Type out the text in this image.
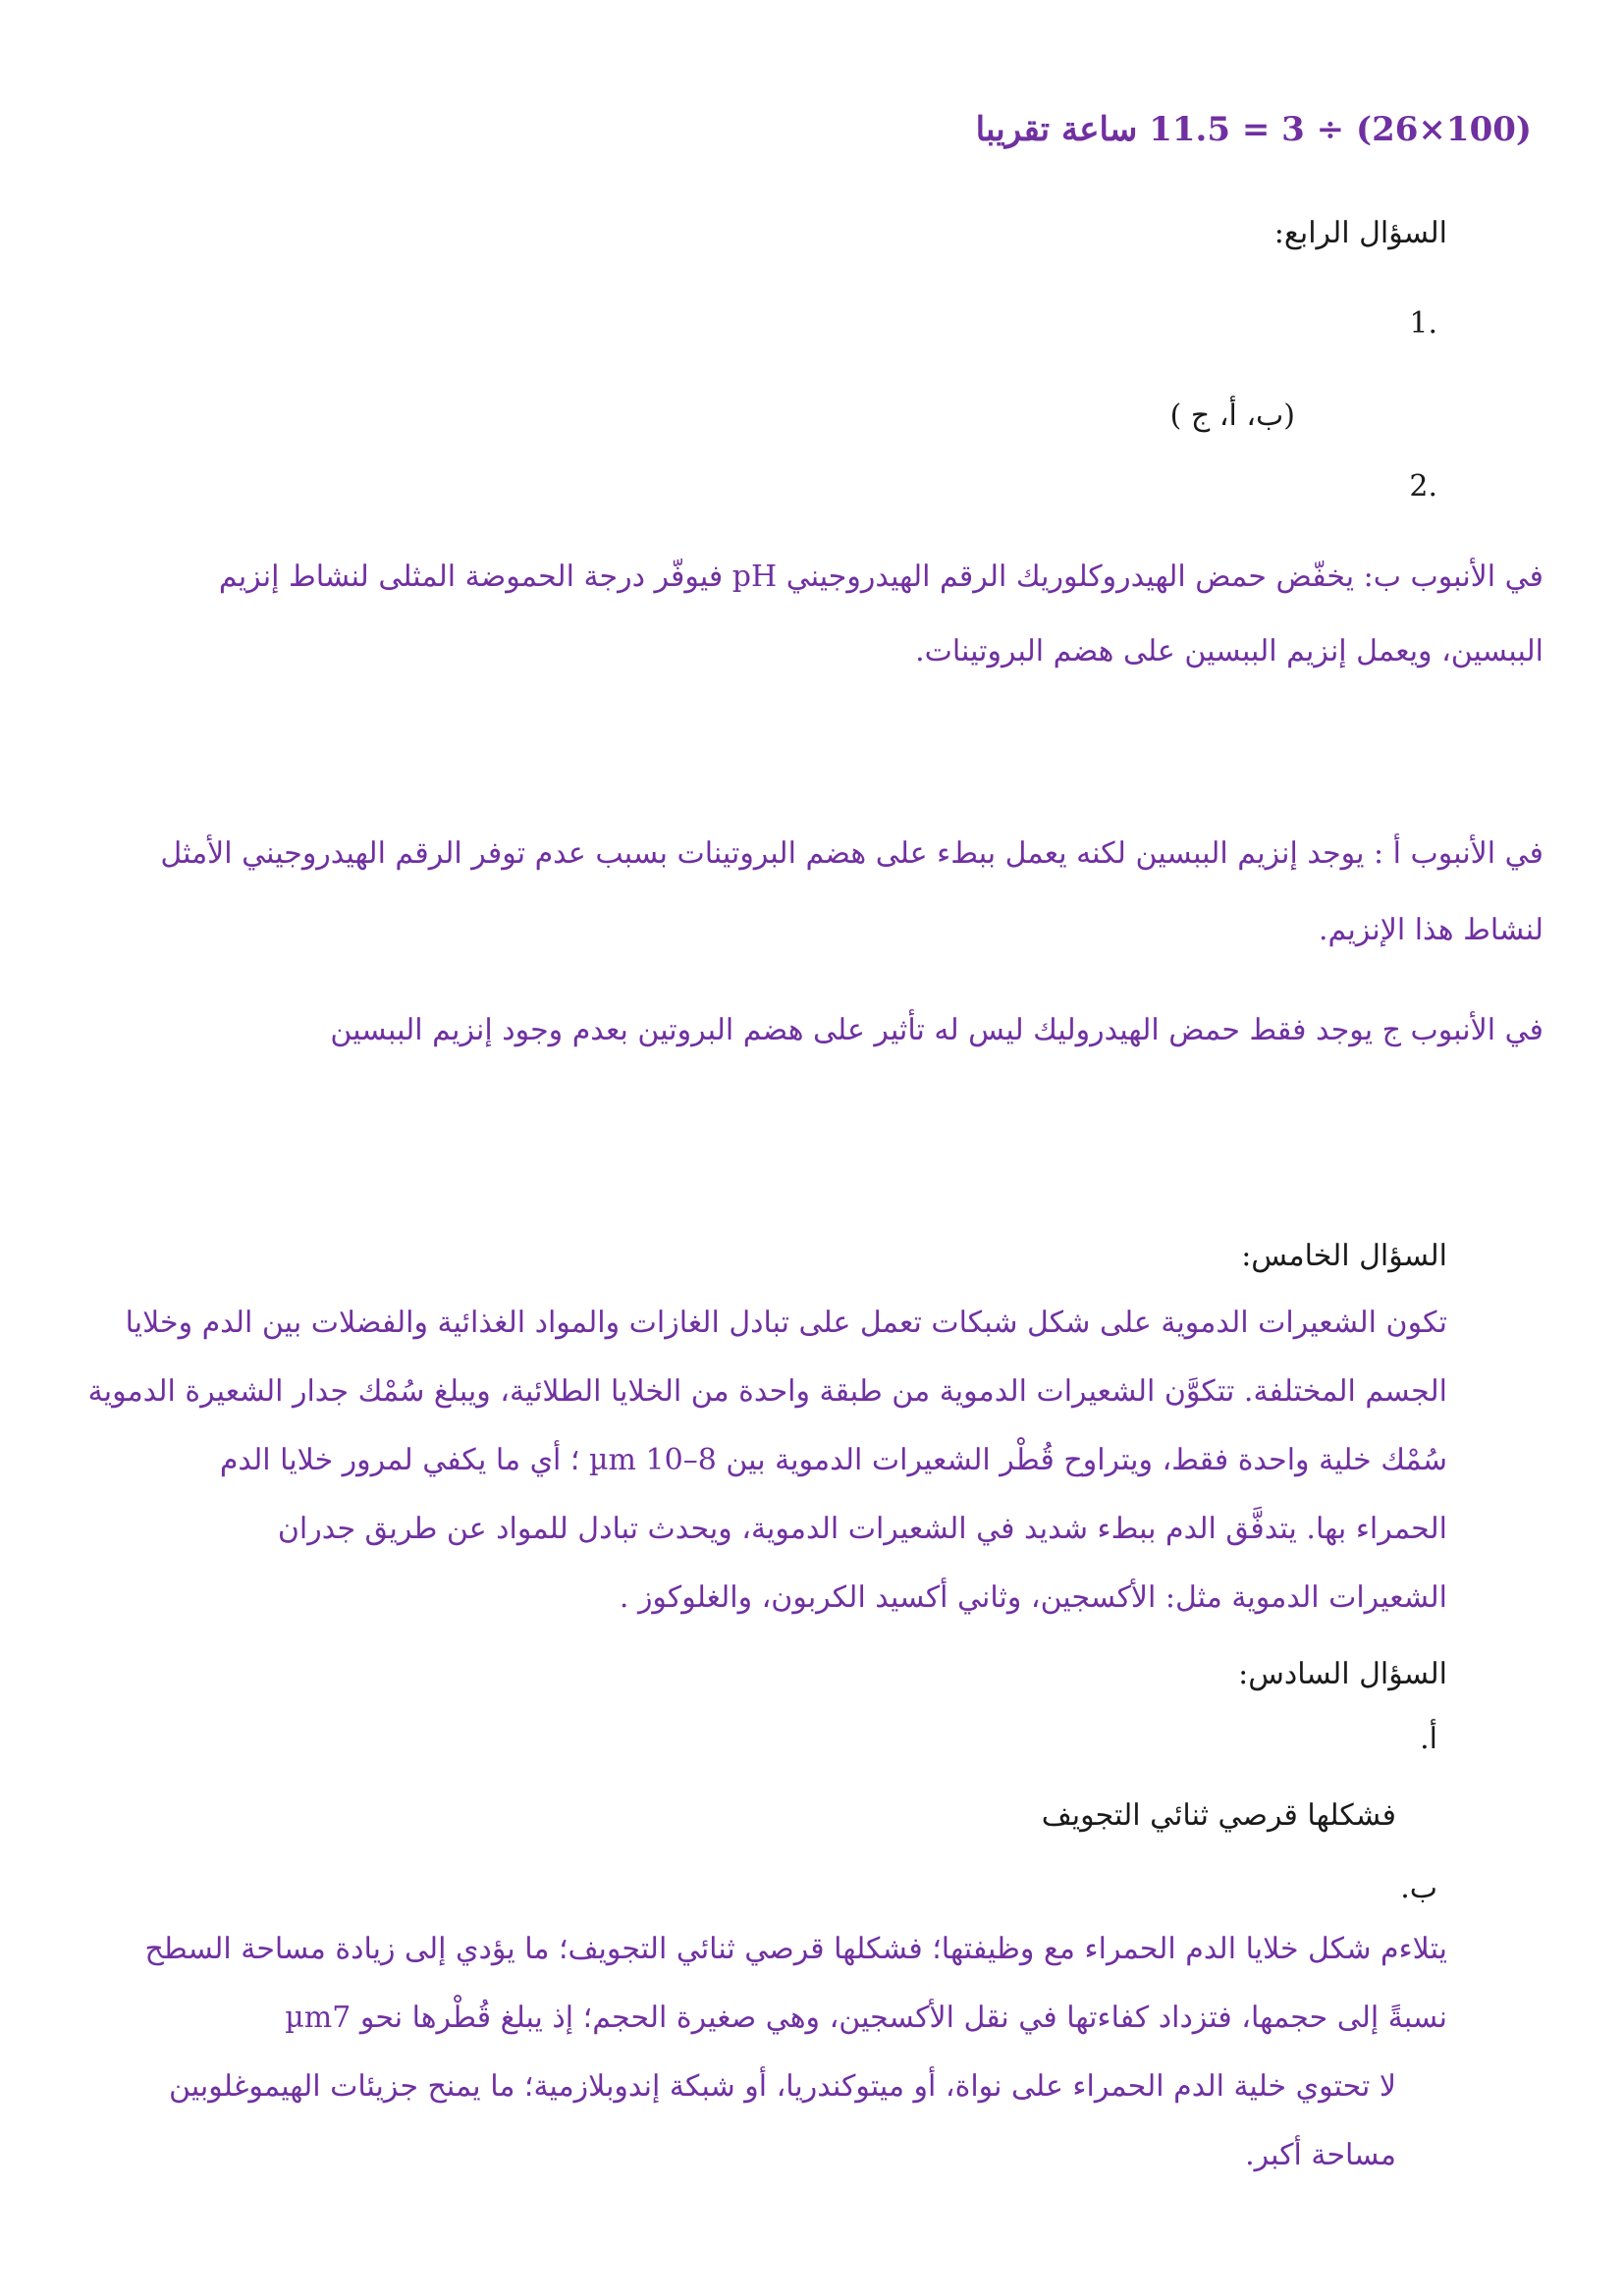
(100×26) ÷ 3 = 11.5 ساعة تقريبا
السؤال الرابع:
1.
(ب، أ، ج )
2.
في الأنبوب ب: يخفّض حمض الهيدروكلوريك الرقم الهيدروجيني pH فيوفّر درجة الحموضة المثلى لنشاط إنزيم
الببسين، ويعمل إنزيم الببسين على هضم البروتينات.
في الأنبوب أ : يوجد إنزيم الببسين لكنه يعمل ببطء على هضم البروتينات بسبب عدم توفر الرقم الهيدروجيني الأمثل
لنشاط هذا الإنزيم.
في الأنبوب ج يوجد فقط حمض الهيدروليك ليس له تأثير على هضم البروتين بعدم وجود إنزيم الببسين
السؤال الخامس:
تكون الشعيرات الدموية على شكل شبكات تعمل على تبادل الغازات والمواد الغذائية والفضلات بين الدم وخلايا
الجسم المختلفة. تتكوَّن الشعيرات الدموية من طبقة واحدة من الخلايا الطلائية، ويبلغ سُمْك جدار الشعيرة الدموية
سُمْك خلية واحدة فقط، ويتراوح قُطْر الشعيرات الدموية بين 8–10 µm ؛ أي ما يكفي لمرور خلايا الدم
الحمراء بها. يتدفَّق الدم ببطء شديد في الشعيرات الدموية، ويحدث تبادل للمواد عن طريق جدران
الشعيرات الدموية مثل: الأكسجين، وثاني أكسيد الكربون، والغلوكوز .
السؤال السادس:
أ.
فشكلها قرصي ثنائي التجويف
ب.
يتلاءم شكل خلايا الدم الحمراء مع وظيفتها؛ فشكلها قرصي ثنائي التجويف؛ ما يؤدي إلى زيادة مساحة السطح
نسبةً إلى حجمها، فتزداد كفاءتها في نقل الأكسجين، وهي صغيرة الحجم؛ إذ يبلغ قُطْرها نحو µm7
لا تحتوي خلية الدم الحمراء على نواة، أو ميتوكندريا، أو شبكة إندوبلازمية؛ ما يمنح جزيئات الهيموغلوبين
مساحة أكبر.
